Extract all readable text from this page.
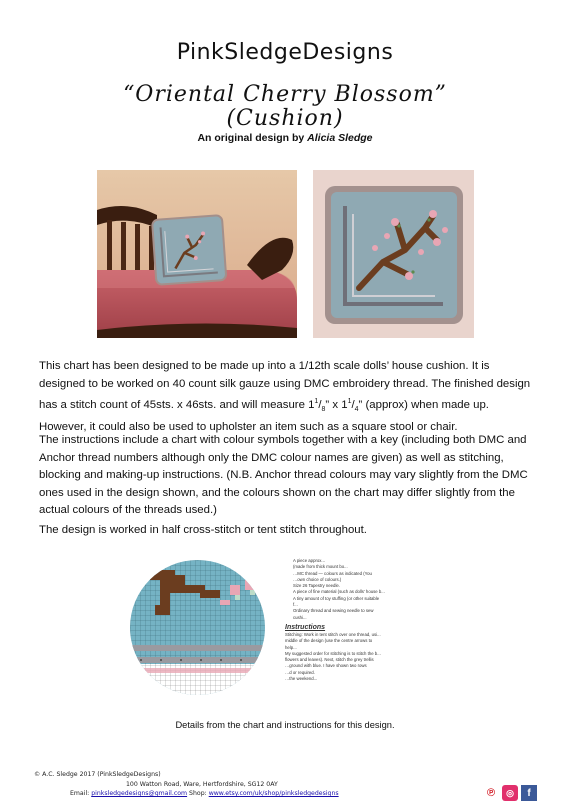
PinkSledgeDesigns
“Oriental Cherry Blossom”
(Cushion)
An original design by Alicia Sledge

This chart has been designed to be made up into a 1/12th scale dolls’ house cushion. It is designed to be worked on 40 count silk gauze using DMC embroidery thread. The finished design has a stitch count of 45sts. x 46sts. and will measure $1^1/_8$” x $1^1/_4$” (approx) when made up. However, it could also be used to upholster an item such as a square stool or chair.

The instructions include a chart with colour symbols together with a key (including both DMC and Anchor thread numbers although only the DMC colour names are given) as well as stitching, blocking and making-up instructions. (N.B. Anchor thread colours may vary slightly from the DMC ones used in the design shown, and the colours shown on the chart may differ slightly from the actual colours of the threads used.)

The design is worked in half cross-stitch or tent stitch throughout.

• A piece approx...
(made from thick mount bo...
• …MC thread — colours as indicated (You
…own choice of colours.)
• Size 26 Tapestry needle.
• A piece of fine material (such as dolls’ house b...
• A tiny amount of toy stuffing (or other suitable f...
• Ordinary thread and sewing needle to sew cushi...
Instructions
Stitching: Work in tent stitch over one thread, usi...
middle of the design (use the centre arrows to help...
My suggested order for stitching is to stitch the b...
flowers and leaves). Next, stitch the grey trellis
…ground with blue. I have shown two rows
…d or required.
…the weekend...
Details from the chart and instructions for this design.
© A.C. Sledge 2017 (PinkSledgeDesigns)
100 Watton Road, Ware, Hertfordshire, SG12 0AY
Email: pinksledgedesigns@gmail.com Shop: www.etsy.com/uk/shop/pinksledgedesigns	℗	◎	f
